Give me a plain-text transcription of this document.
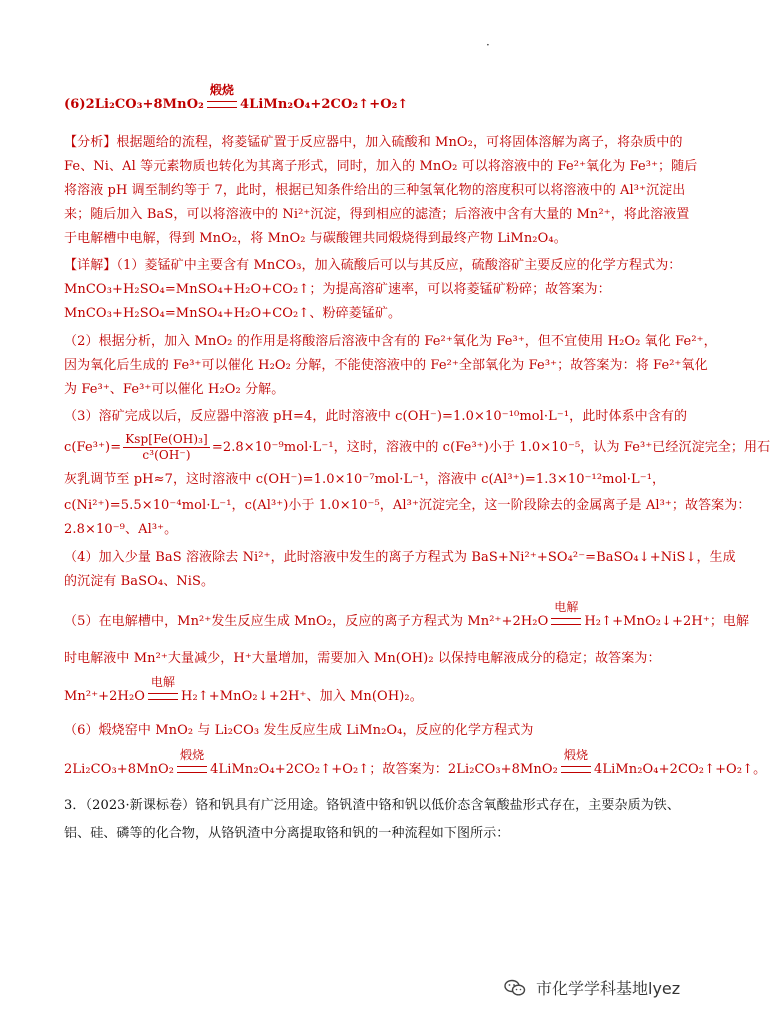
·
(6)2Li₂CO₃+8MnO₂
煅烧
4LiMn₂O₄+2CO₂↑+O₂↑
【分析】根据题给的流程，将菱锰矿置于反应器中，加入硫酸和 MnO₂，可将固体溶解为离子，将杂质中的
Fe、Ni、Al 等元素物质也转化为其离子形式，同时，加入的 MnO₂ 可以将溶液中的 Fe²⁺氧化为 Fe³⁺；随后
将溶液 pH 调至制约等于 7，此时，根据已知条件给出的三种氢氧化物的溶度积可以将溶液中的 Al³⁺沉淀出
来；随后加入 BaS，可以将溶液中的 Ni²⁺沉淀，得到相应的滤渣；后溶液中含有大量的 Mn²⁺，将此溶液置
于电解槽中电解，得到 MnO₂，将 MnO₂ 与碳酸锂共同煅烧得到最终产物 LiMn₂O₄。
【详解】（1）菱锰矿中主要含有 MnCO₃，加入硫酸后可以与其反应，硫酸溶矿主要反应的化学方程式为：
MnCO₃+H₂SO₄=MnSO₄+H₂O+CO₂↑；为提高溶矿速率，可以将菱锰矿粉碎；故答案为：
MnCO₃+H₂SO₄=MnSO₄+H₂O+CO₂↑、粉碎菱锰矿。
（2）根据分析，加入 MnO₂ 的作用是将酸溶后溶液中含有的 Fe²⁺氧化为 Fe³⁺，但不宜使用 H₂O₂ 氧化 Fe²⁺，
因为氧化后生成的 Fe³⁺可以催化 H₂O₂ 分解，不能使溶液中的 Fe²⁺全部氧化为 Fe³⁺；故答案为：将 Fe²⁺氧化
为 Fe³⁺、Fe³⁺可以催化 H₂O₂ 分解。
（3）溶矿完成以后，反应器中溶液 pH=4，此时溶液中 c(OH⁻)=1.0×10⁻¹⁰mol·L⁻¹，此时体系中含有的
$c(Fe^{3+})= \frac{\text{Ksp[Fe(OH)₃]}}{\text{c³(OH⁻)}} =2.8\times 10^{-9}mol\cdot L^{-1}$，这时，溶液中的 c(Fe³⁺)小于 1.0×10⁻⁵，认为 Fe³⁺已经沉淀完全；用石
灰乳调节至 pH≈7，这时溶液中 c(OH⁻)=1.0×10⁻⁷mol·L⁻¹，溶液中 c(Al³⁺)=1.3×10⁻¹²mol·L⁻¹，
c(Ni²⁺)=5.5×10⁻⁴mol·L⁻¹，c(Al³⁺)小于 1.0×10⁻⁵，Al³⁺沉淀完全，这一阶段除去的金属离子是 Al³⁺；故答案为：
2.8×10⁻⁹、Al³⁺。
（4）加入少量 BaS 溶液除去 Ni²⁺，此时溶液中发生的离子方程式为 BaS+Ni²⁺+SO₄²⁻=BaSO₄↓+NiS↓，生成
的沉淀有 BaSO₄、NiS。
（5）在电解槽中，Mn²⁺发生反应生成 MnO₂，反应的离子方程式为 Mn²⁺+2H₂O
电解
H₂↑+MnO₂↓+2H⁺；电解
时电解液中 Mn²⁺大量减少，H⁺大量增加，需要加入 Mn(OH)₂ 以保持电解液成分的稳定；故答案为：
Mn²⁺+2H₂O
电解
H₂↑+MnO₂↓+2H⁺、加入 Mn(OH)₂。
（6）煅烧窑中 MnO₂ 与 Li₂CO₃ 发生反应生成 LiMn₂O₄，反应的化学方程式为
2Li₂CO₃+8MnO₂
煅烧
4LiMn₂O₄+2CO₂↑+O₂↑；故答案为：2Li₂CO₃+8MnO₂
煅烧
4LiMn₂O₄+2CO₂↑+O₂↑。
3．（2023·新课标卷）铬和钒具有广泛用途。铬钒渣中铬和钒以低价态含氧酸盐形式存在，主要杂质为铁、
铝、硅、磷等的化合物，从铬钒渣中分离提取铬和钒的一种流程如下图所示：
市化学学科基地lyez
